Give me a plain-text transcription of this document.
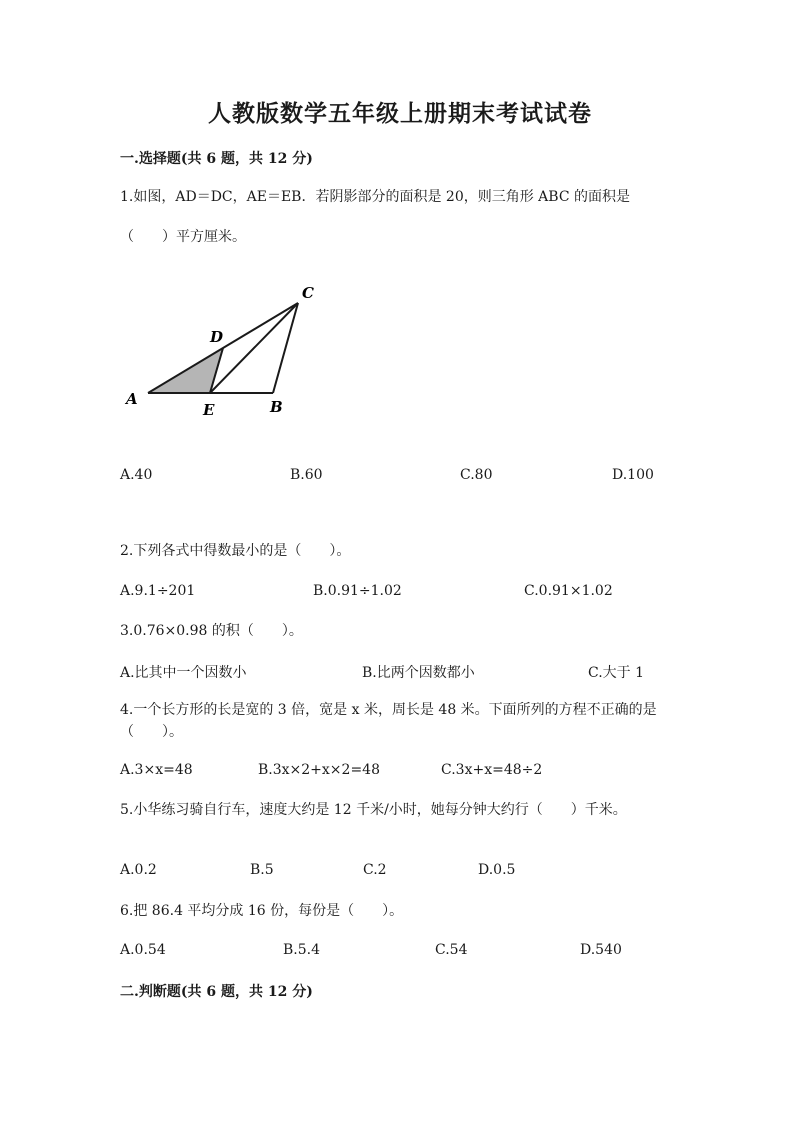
人教版数学五年级上册期末考试试卷
一.选择题(共 6 题，共 12 分)
1.如图，AD＝DC，AE＝EB．若阴影部分的面积是 20，则三角形 ABC 的面积是
（　　）平方厘米。
A
E	B
C
D
A.40	B.60	C.80	D.100
2.下列各式中得数最小的是（　　）。
A.9.1÷201	B.0.91÷1.02	C.0.91×1.02
3.0.76×0.98 的积（　　）。
A.比其中一个因数小	B.比两个因数都小	C.大于 1
4.一个长方形的长是宽的 3 倍，宽是 x 米，周长是 48 米。下面所列的方程不正确的是（　　）。
A.3×x=48	B.3x×2+x×2=48	C.3x+x=48÷2
5.小华练习骑自行车，速度大约是 12 千米/小时，她每分钟大约行（　　）千米。
A.0.2	B.5	C.2	D.0.5
6.把 86.4 平均分成 16 份，每份是（　　）。
A.0.54	B.5.4	C.54	D.540
二.判断题(共 6 题，共 12 分)
